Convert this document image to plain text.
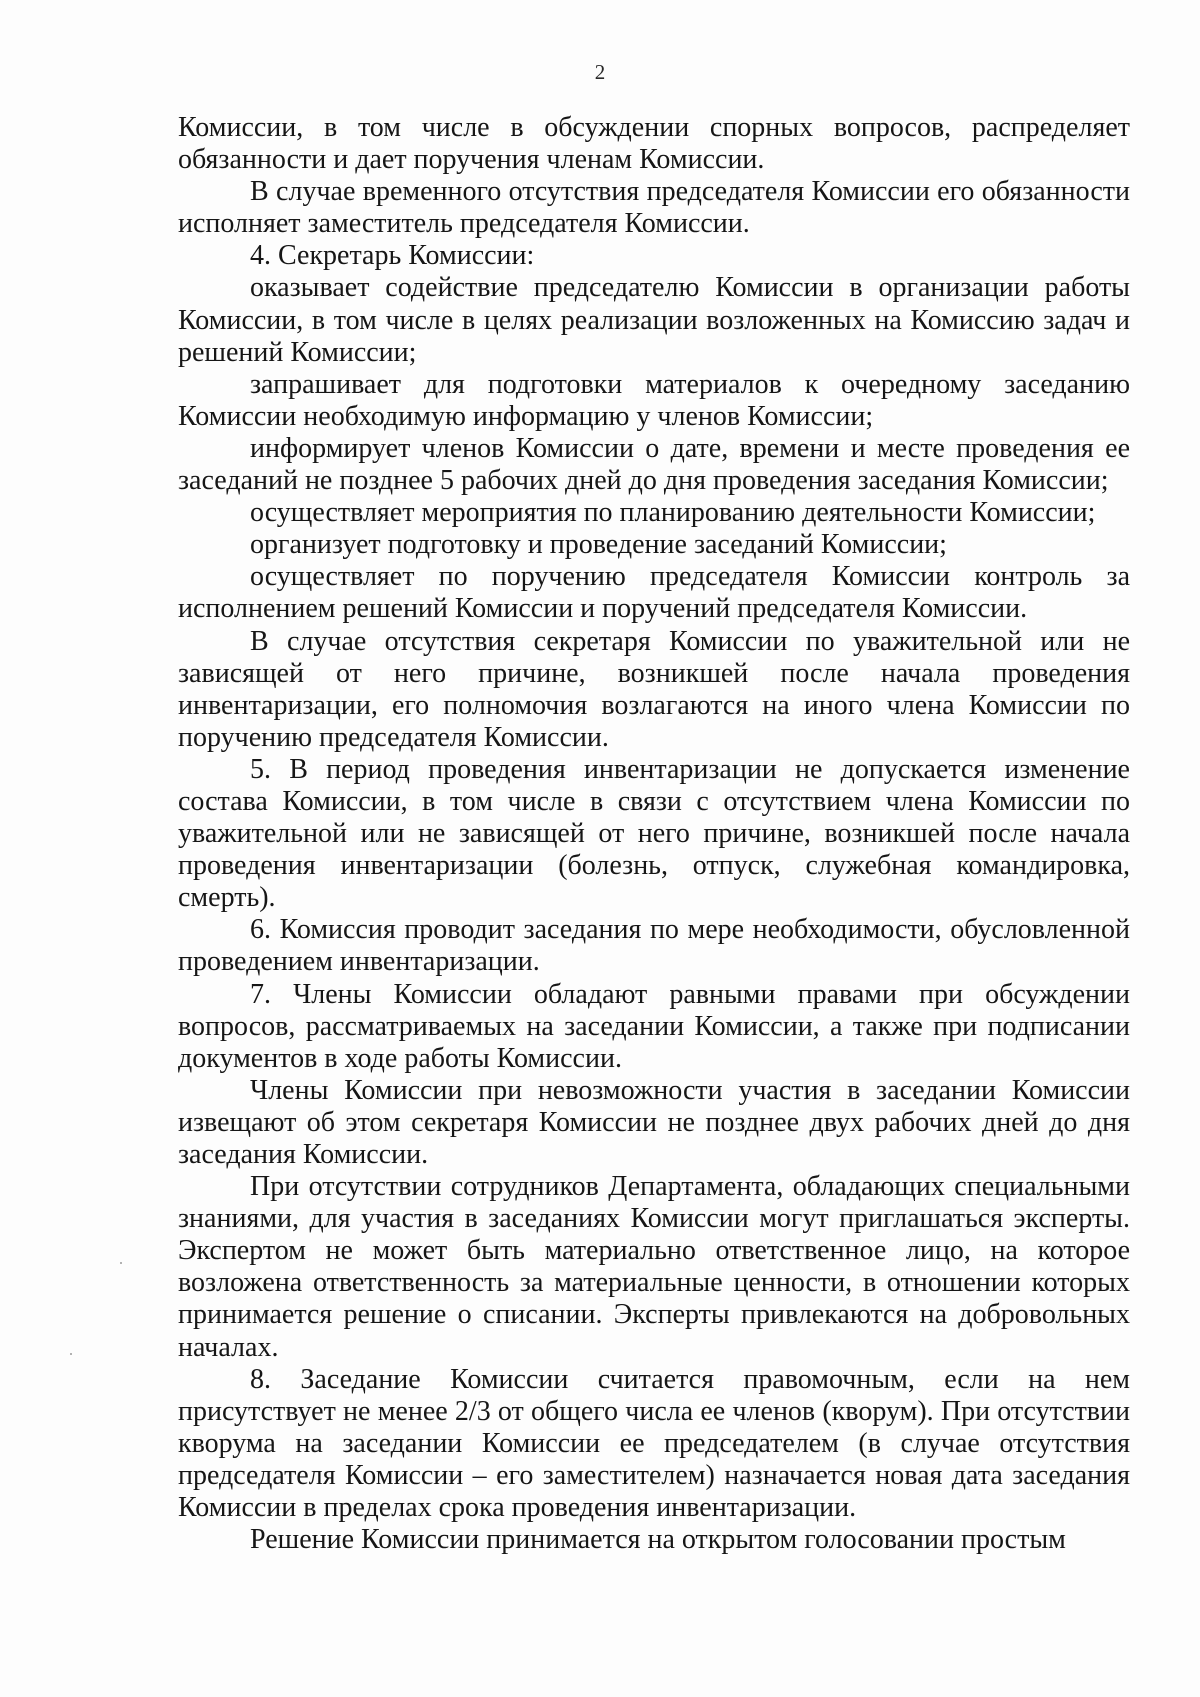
2

Комиссии, в том числе в обсуждении спорных вопросов, распределяет обязанности и дает поручения членам Комиссии.

В случае временного отсутствия председателя Комиссии его обязанности исполняет заместитель председателя Комиссии.

4. Секретарь Комиссии:

оказывает содействие председателю Комиссии в организации работы Комиссии, в том числе в целях реализации возложенных на Комиссию задач и решений Комиссии;

запрашивает для подготовки материалов к очередному заседанию Комиссии необходимую информацию у членов Комиссии;

информирует членов Комиссии о дате, времени и месте проведения ее заседаний не позднее 5 рабочих дней до дня проведения заседания Комиссии;

осуществляет мероприятия по планированию деятельности Комиссии;

организует подготовку и проведение заседаний Комиссии;

осуществляет по поручению председателя Комиссии контроль за исполнением решений Комиссии и поручений председателя Комиссии.

В случае отсутствия секретаря Комиссии по уважительной или не зависящей от него причине, возникшей после начала проведения инвентаризации, его полномочия возлагаются на иного члена Комиссии по поручению председателя Комиссии.

5. В период проведения инвентаризации не допускается изменение состава Комиссии, в том числе в связи с отсутствием члена Комиссии по уважительной или не зависящей от него причине, возникшей после начала проведения инвентаризации (болезнь, отпуск, служебная командировка, смерть).

6. Комиссия проводит заседания по мере необходимости, обусловленной проведением инвентаризации.

7. Члены Комиссии обладают равными правами при обсуждении вопросов, рассматриваемых на заседании Комиссии, а также при подписании документов в ходе работы Комиссии.

Члены Комиссии при невозможности участия в заседании Комиссии извещают об этом секретаря Комиссии не позднее двух рабочих дней до дня заседания Комиссии.

При отсутствии сотрудников Департамента, обладающих специальными знаниями, для участия в заседаниях Комиссии могут приглашаться эксперты. Экспертом не может быть материально ответственное лицо, на которое возложена ответственность за материальные ценности, в отношении которых принимается решение о списании. Эксперты привлекаются на добровольных началах.

8. Заседание Комиссии считается правомочным, если на нем присутствует не менее 2/3 от общего числа ее членов (кворум). При отсутствии кворума на заседании Комиссии ее председателем (в случае отсутствия председателя Комиссии – его заместителем) назначается новая дата заседания Комиссии в пределах срока проведения инвентаризации.

Решение Комиссии принимается на открытом голосовании простым
